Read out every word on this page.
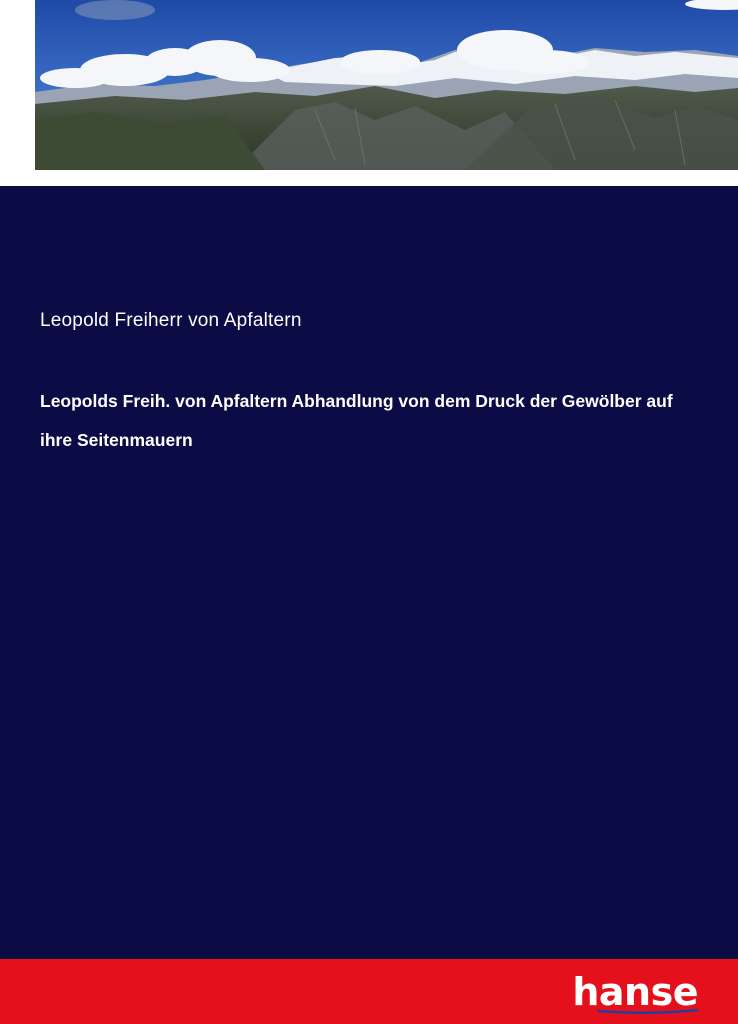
Leopold Freiherr von Apfaltern

Leopolds Freih. von Apfaltern Abhandlung von dem Druck der Gewölber auf ihre Seitenmauern
hanse
